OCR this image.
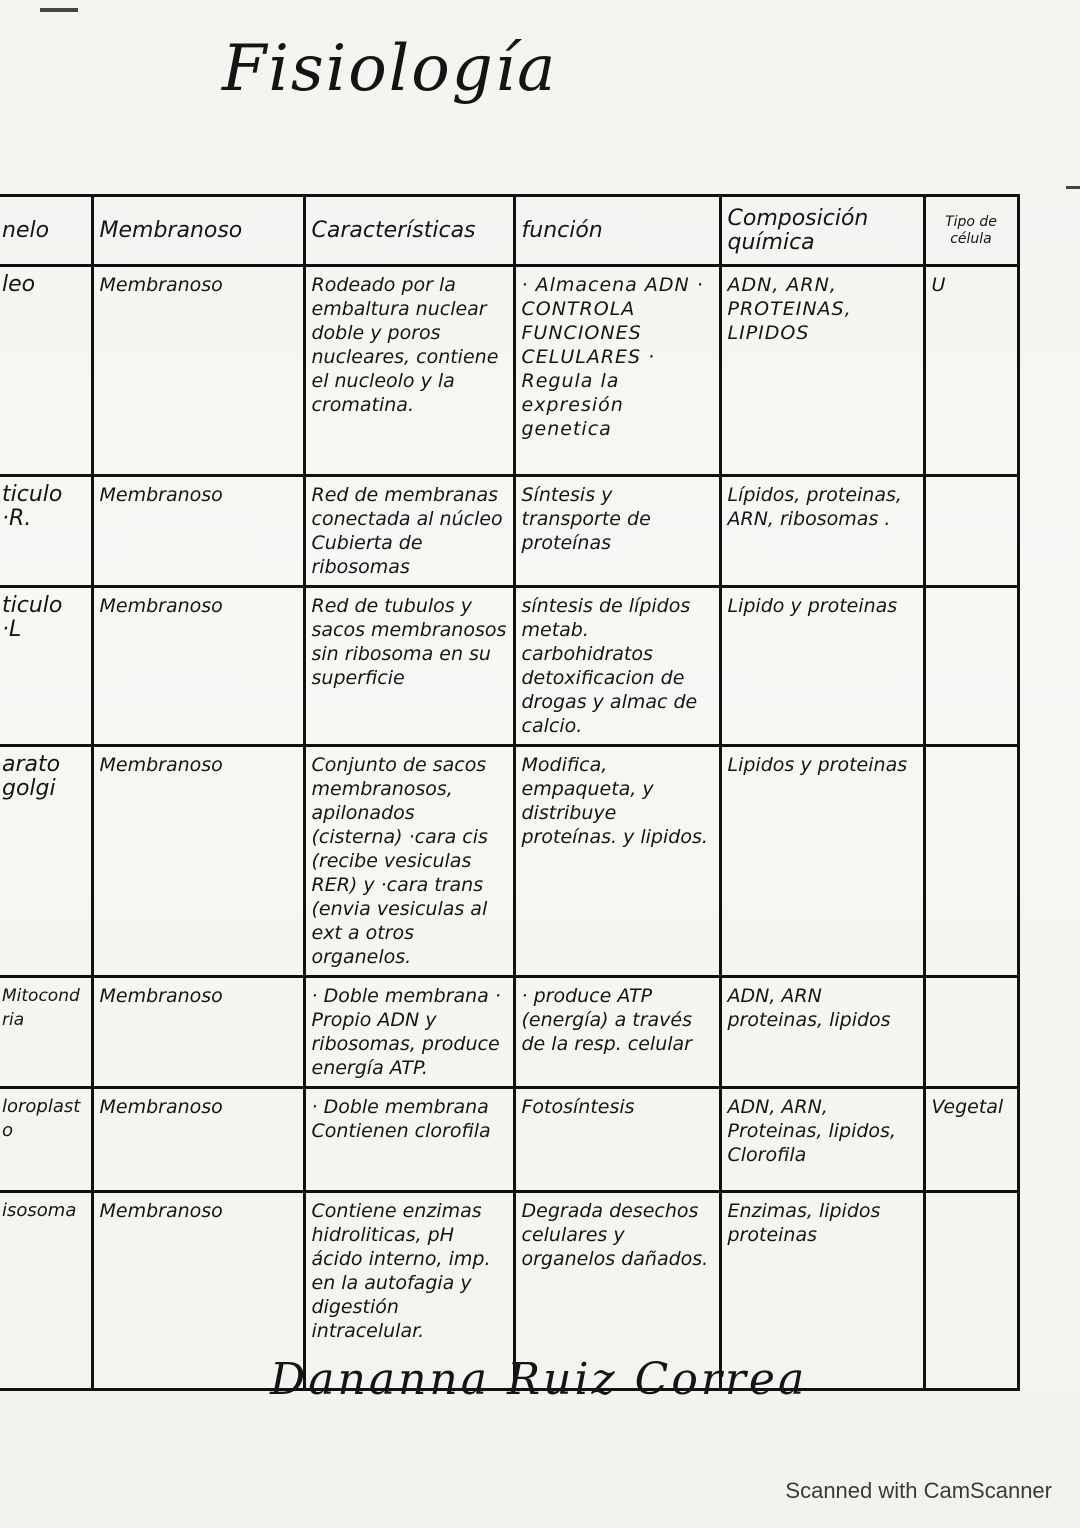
Fisiología
nelo	Membranoso	Características	función	Composición química	Tipo de célula
leo	Membranoso	Rodeado por la embaltura nuclear doble y poros nucleares, contiene el nucleolo y la cromatina.	· Almacena ADN · CONTROLA FUNCIONES CELULARES · Regula la expresión genetica	ADN, ARN, PROTEINAS, LIPIDOS	U
ticulo ·R.	Membranoso	Red de membranas conectada al núcleo Cubierta de ribosomas	Síntesis y transporte de proteínas	Lípidos, proteinas, ARN, ribosomas .	
ticulo ·L	Membranoso	Red de tubulos y sacos membranosos sin ribosoma en su superficie	síntesis de lípidos metab. carbohidratos detoxificacion de drogas y almac de calcio.	Lipido y proteinas	
arato golgi	Membranoso	Conjunto de sacos membranosos, apilonados (cisterna) ·cara cis (recibe vesiculas RER) y ·cara trans (envia vesiculas al ext a otros organelos.	Modifica, empaqueta, y distribuye proteínas. y lipidos.	Lipidos y proteinas	
Mitocondria	Membranoso	· Doble membrana · Propio ADN y ribosomas, produce energía ATP.	· produce ATP (energía) a través de la resp. celular	ADN, ARN proteinas, lipidos	
loroplasto	Membranoso	· Doble membrana Contienen clorofila	Fotosíntesis	ADN, ARN, Proteinas, lipidos, Clorofila	Vegetal
isosoma	Membranoso	Contiene enzimas hidroliticas, pH ácido interno, imp. en la autofagia y digestión intracelular.	Degrada desechos celulares y organelos dañados.	Enzimas, lipidos proteinas	
Dananna Ruiz Correa
Scanned with CamScanner
